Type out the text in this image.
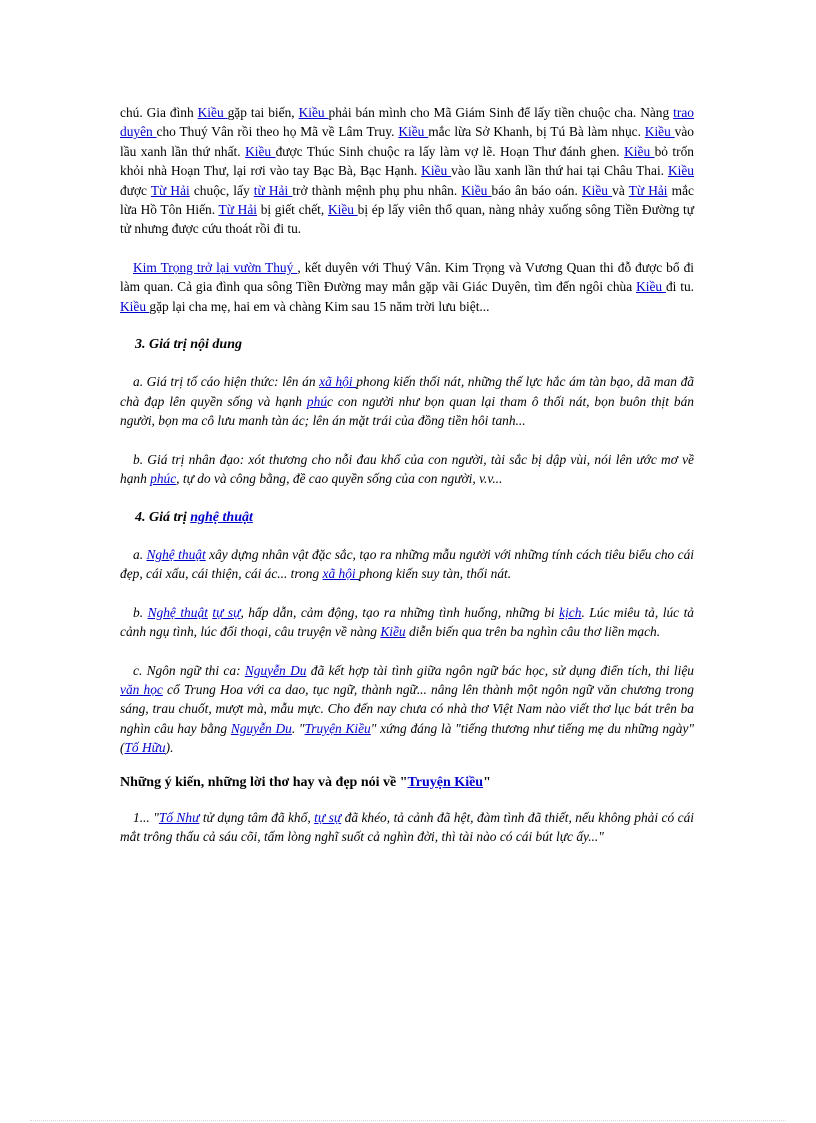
chú. Gia đình Kiều gặp tai biến, Kiều phải bán mình cho Mã Giám Sinh để lấy tiền chuộc cha. Nàng trao duyên cho Thuý Vân rồi theo họ Mã về Lâm Truy. Kiều mắc lừa Sở Khanh, bị Tú Bà làm nhục. Kiều vào lầu xanh lần thứ nhất. Kiều được Thúc Sinh chuộc ra lấy làm vợ lẽ. Hoạn Thư đánh ghen. Kiều bỏ trốn khỏi nhà Hoạn Thư, lại rơi vào tay Bạc Bà, Bạc Hạnh. Kiều vào lầu xanh lần thứ hai tại Châu Thai. Kiều được Từ Hải chuộc, lấy từ Hải trở thành mệnh phụ phu nhân. Kiều báo ân báo oán. Kiều và Từ Hải mắc lừa Hồ Tôn Hiến. Từ Hải bị giết chết, Kiều bị ép lấy viên thổ quan, nàng nhảy xuống sông Tiền Đường tự tử nhưng được cứu thoát rồi đi tu.

Kim Trọng trở lại vườn Thuý , kết duyên với Thuý Vân. Kim Trọng và Vương Quan thi đỗ được bổ đi làm quan. Cả gia đình qua sông Tiền Đường may mắn gặp vãi Giác Duyên, tìm đến ngôi chùa Kiều đi tu. Kiều gặp lại cha mẹ, hai em và chàng Kim sau 15 năm trời lưu biệt...

3. Giá trị nội dung

a. Giá trị tố cáo hiện thức: lên án xã hội phong kiến thối nát, những thế lực hắc ám tàn bạo, dã man đã chà đạp lên quyền sống và hạnh phúc con người như bọn quan lại tham ô thối nát, bọn buôn thịt bán người, bọn ma cô lưu manh tàn ác; lên án mặt trái của đồng tiền hôi tanh...

b. Giá trị nhân đạo: xót thương cho nỗi đau khổ của con người, tài sắc bị dập vùi, nói lên ước mơ về hạnh phúc, tự do và công bằng, đề cao quyền sống của con người, v.v...

4. Giá trị nghệ thuật

a. Nghệ thuật xây dựng nhân vật đặc sắc, tạo ra những mẫu người với những tính cách tiêu biểu cho cái đẹp, cái xấu, cái thiện, cái ác... trong xã hội phong kiến suy tàn, thối nát.

b. Nghệ thuật tự sự, hấp dẫn, cảm động, tạo ra những tình huống, những bi kịch. Lúc miêu tả, lúc tả cảnh ngụ tình, lúc đối thoại, câu truyện về nàng Kiều diễn biến qua trên ba nghìn câu thơ liền mạch.

c. Ngôn ngữ thi ca: Nguyễn Du đã kết hợp tài tình giữa ngôn ngữ bác học, sử dụng điển tích, thi liệu văn học cổ Trung Hoa với ca dao, tục ngữ, thành ngữ... nâng lên thành một ngôn ngữ văn chương trong sáng, trau chuốt, mượt mà, mẫu mực. Cho đến nay chưa có nhà thơ Việt Nam nào viết thơ lục bát trên ba nghìn câu hay bằng Nguyễn Du. "Truyện Kiều" xứng đáng là "tiếng thương như tiếng mẹ du những ngày" (Tố Hữu).

Những ý kiến, những lời thơ hay và đẹp nói về "Truyện Kiều"

1... "Tố Như tử dụng tâm đã khổ, tự sự đã khéo, tả cảnh đã hệt, đàm tình đã thiết, nếu không phải có cái mắt trông thấu cả sáu cõi, tấm lòng nghĩ suốt cả nghìn đời, thì tài nào có cái bút lực ấy..."
